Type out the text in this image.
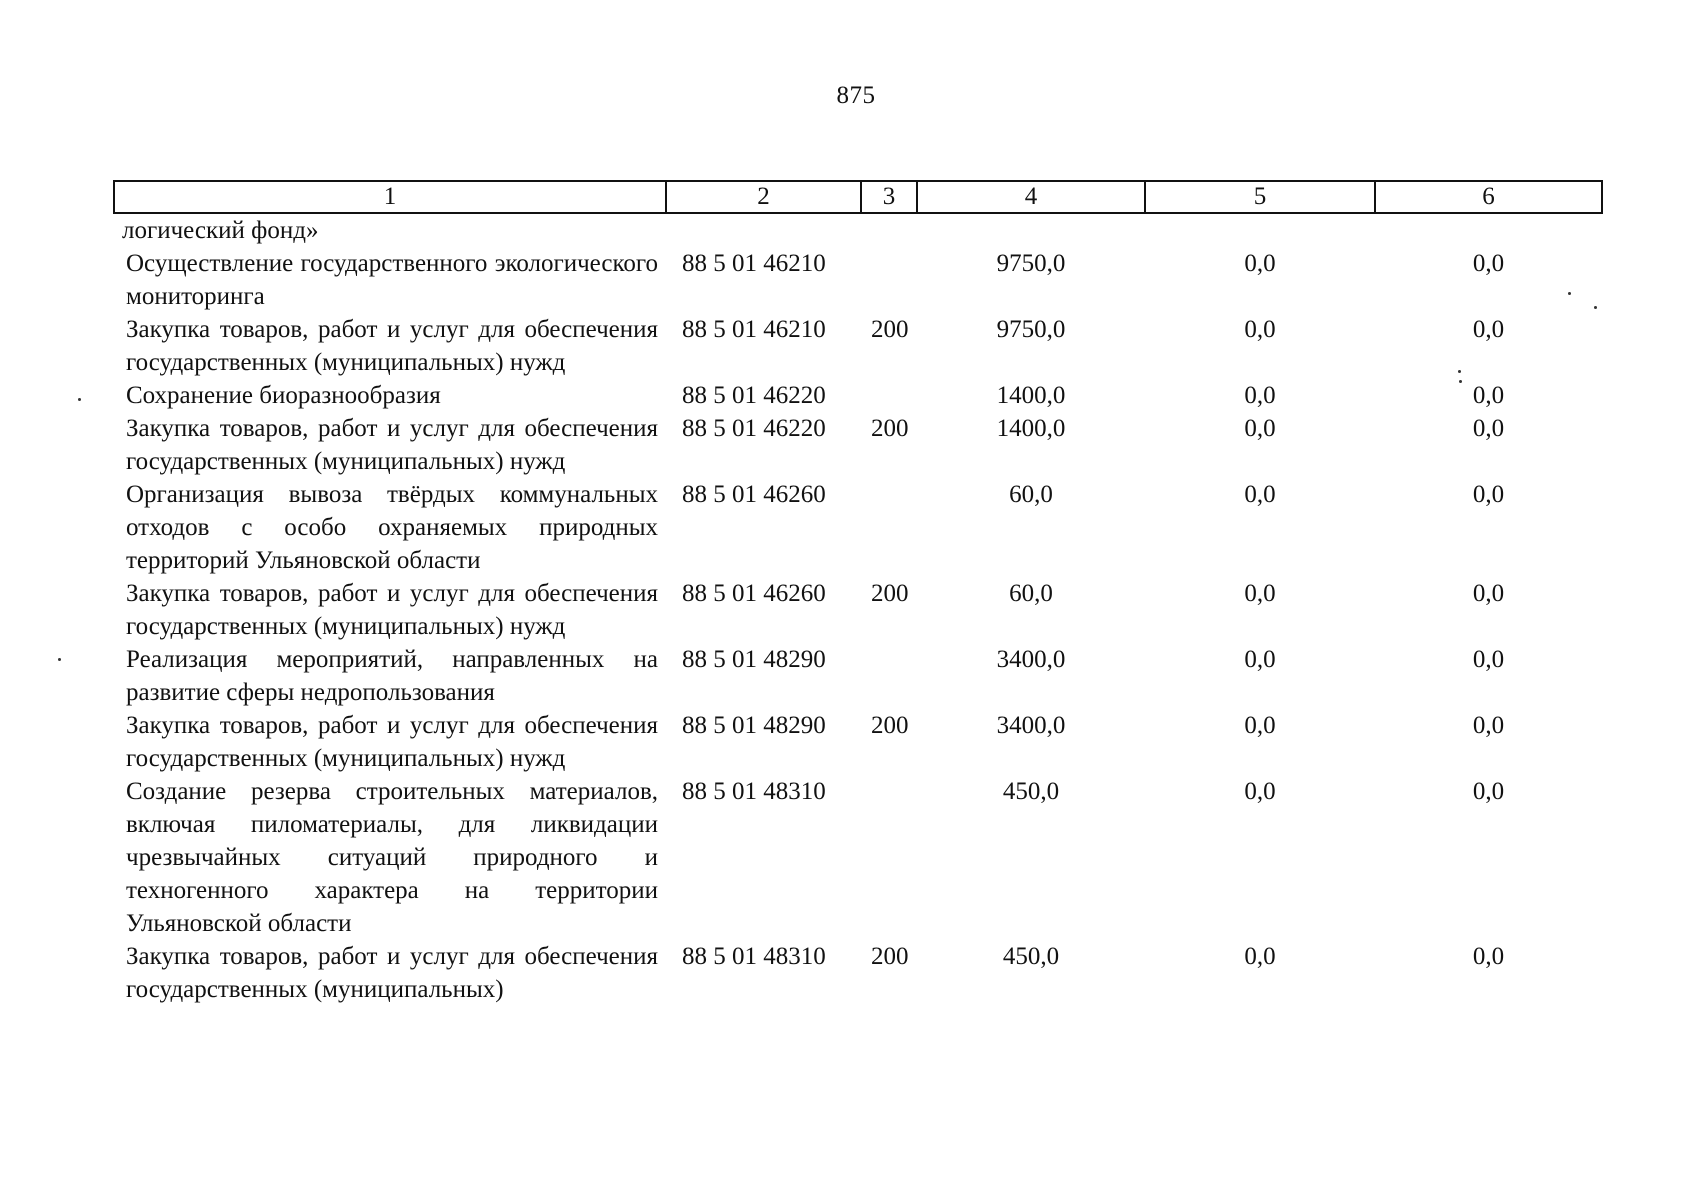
875
1	2	3	4	5	6
логический фонд»					
Осуществление государственного экологического мониторинга	88 5 01 46210		9750,0	0,0	0,0
Закупка товаров, работ и услуг для обеспечения государственных (муниципальных) нужд	88 5 01 46210	200	9750,0	0,0	0,0
Сохранение биоразнообразия	88 5 01 46220		1400,0	0,0	0,0
Закупка товаров, работ и услуг для обеспечения государственных (муниципальных) нужд	88 5 01 46220	200	1400,0	0,0	0,0
Организация вывоза твёрдых коммунальных отходов с особо охраняемых природных территорий Ульяновской области	88 5 01 46260		60,0	0,0	0,0
Закупка товаров, работ и услуг для обеспечения государственных (муниципальных) нужд	88 5 01 46260	200	60,0	0,0	0,0
Реализация мероприятий, направленных на развитие сферы недропользования	88 5 01 48290		3400,0	0,0	0,0
Закупка товаров, работ и услуг для обеспечения государственных (муниципальных) нужд	88 5 01 48290	200	3400,0	0,0	0,0
Создание резерва строительных материалов, включая пиломатериалы, для ликвидации чрезвычайных ситуаций природного и техногенного характера на территории Ульяновской области	88 5 01 48310		450,0	0,0	0,0
Закупка товаров, работ и услуг для обеспечения государственных (муниципальных)	88 5 01 48310	200	450,0	0,0	0,0
